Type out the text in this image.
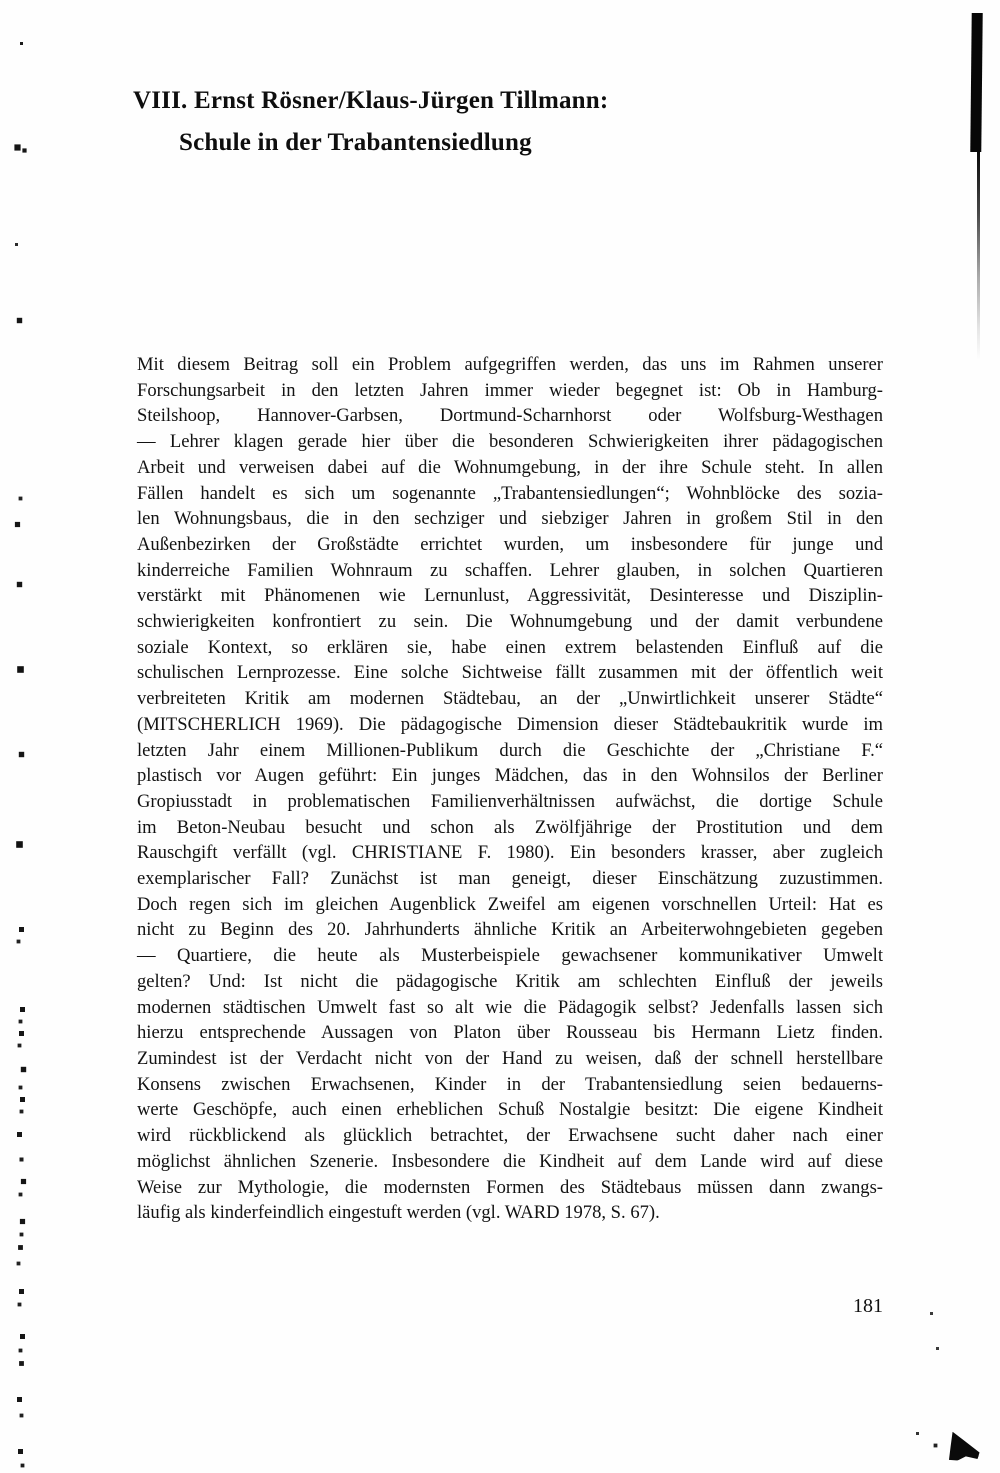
VIII. Ernst Rösner/Klaus-Jürgen Tillmann:
Schule in der Trabantensiedlung
Mit diesem Beitrag soll ein Problem aufgegriffen werden, das uns im Rahmen unserer
Forschungsarbeit in den letzten Jahren immer wieder begegnet ist: Ob in Hamburg-
Steilshoop, Hannover-Garbsen, Dortmund-Scharnhorst oder Wolfsburg-Westhagen
— Lehrer klagen gerade hier über die besonderen Schwierigkeiten ihrer pädagogischen
Arbeit und verweisen dabei auf die Wohnumgebung, in der ihre Schule steht. In allen
Fällen handelt es sich um sogenannte „Trabantensiedlungen“; Wohnblöcke des sozia-
len Wohnungsbaus, die in den sechziger und siebziger Jahren in großem Stil in den
Außenbezirken der Großstädte errichtet wurden, um insbesondere für junge und
kinderreiche Familien Wohnraum zu schaffen. Lehrer glauben, in solchen Quartieren
verstärkt mit Phänomenen wie Lernunlust, Aggressivität, Desinteresse und Disziplin-
schwierigkeiten konfrontiert zu sein. Die Wohnumgebung und der damit verbundene
soziale Kontext, so erklären sie, habe einen extrem belastenden Einfluß auf die
schulischen Lernprozesse. Eine solche Sichtweise fällt zusammen mit der öffentlich weit
verbreiteten Kritik am modernen Städtebau, an der „Unwirtlichkeit unserer Städte“
(MITSCHERLICH 1969). Die pädagogische Dimension dieser Städtebaukritik wurde im
letzten Jahr einem Millionen-Publikum durch die Geschichte der „Christiane F.“
plastisch vor Augen geführt: Ein junges Mädchen, das in den Wohnsilos der Berliner
Gropiusstadt in problematischen Familienverhältnissen aufwächst, die dortige Schule
im Beton-Neubau besucht und schon als Zwölfjährige der Prostitution und dem
Rauschgift verfällt (vgl. CHRISTIANE F. 1980). Ein besonders krasser, aber zugleich
exemplarischer Fall? Zunächst ist man geneigt, dieser Einschätzung zuzustimmen.
Doch regen sich im gleichen Augenblick Zweifel am eigenen vorschnellen Urteil: Hat es
nicht zu Beginn des 20. Jahrhunderts ähnliche Kritik an Arbeiterwohngebieten gegeben
— Quartiere, die heute als Musterbeispiele gewachsener kommunikativer Umwelt
gelten? Und: Ist nicht die pädagogische Kritik am schlechten Einfluß der jeweils
modernen städtischen Umwelt fast so alt wie die Pädagogik selbst? Jedenfalls lassen sich
hierzu entsprechende Aussagen von Platon über Rousseau bis Hermann Lietz finden.
Zumindest ist der Verdacht nicht von der Hand zu weisen, daß der schnell herstellbare
Konsens zwischen Erwachsenen, Kinder in der Trabantensiedlung seien bedauerns-
werte Geschöpfe, auch einen erheblichen Schuß Nostalgie besitzt: Die eigene Kindheit
wird rückblickend als glücklich betrachtet, der Erwachsene sucht daher nach einer
möglichst ähnlichen Szenerie. Insbesondere die Kindheit auf dem Lande wird auf diese
Weise zur Mythologie, die modernsten Formen des Städtebaus müssen dann zwangs-
läufig als kinderfeindlich eingestuft werden (vgl. WARD 1978, S. 67).
181
